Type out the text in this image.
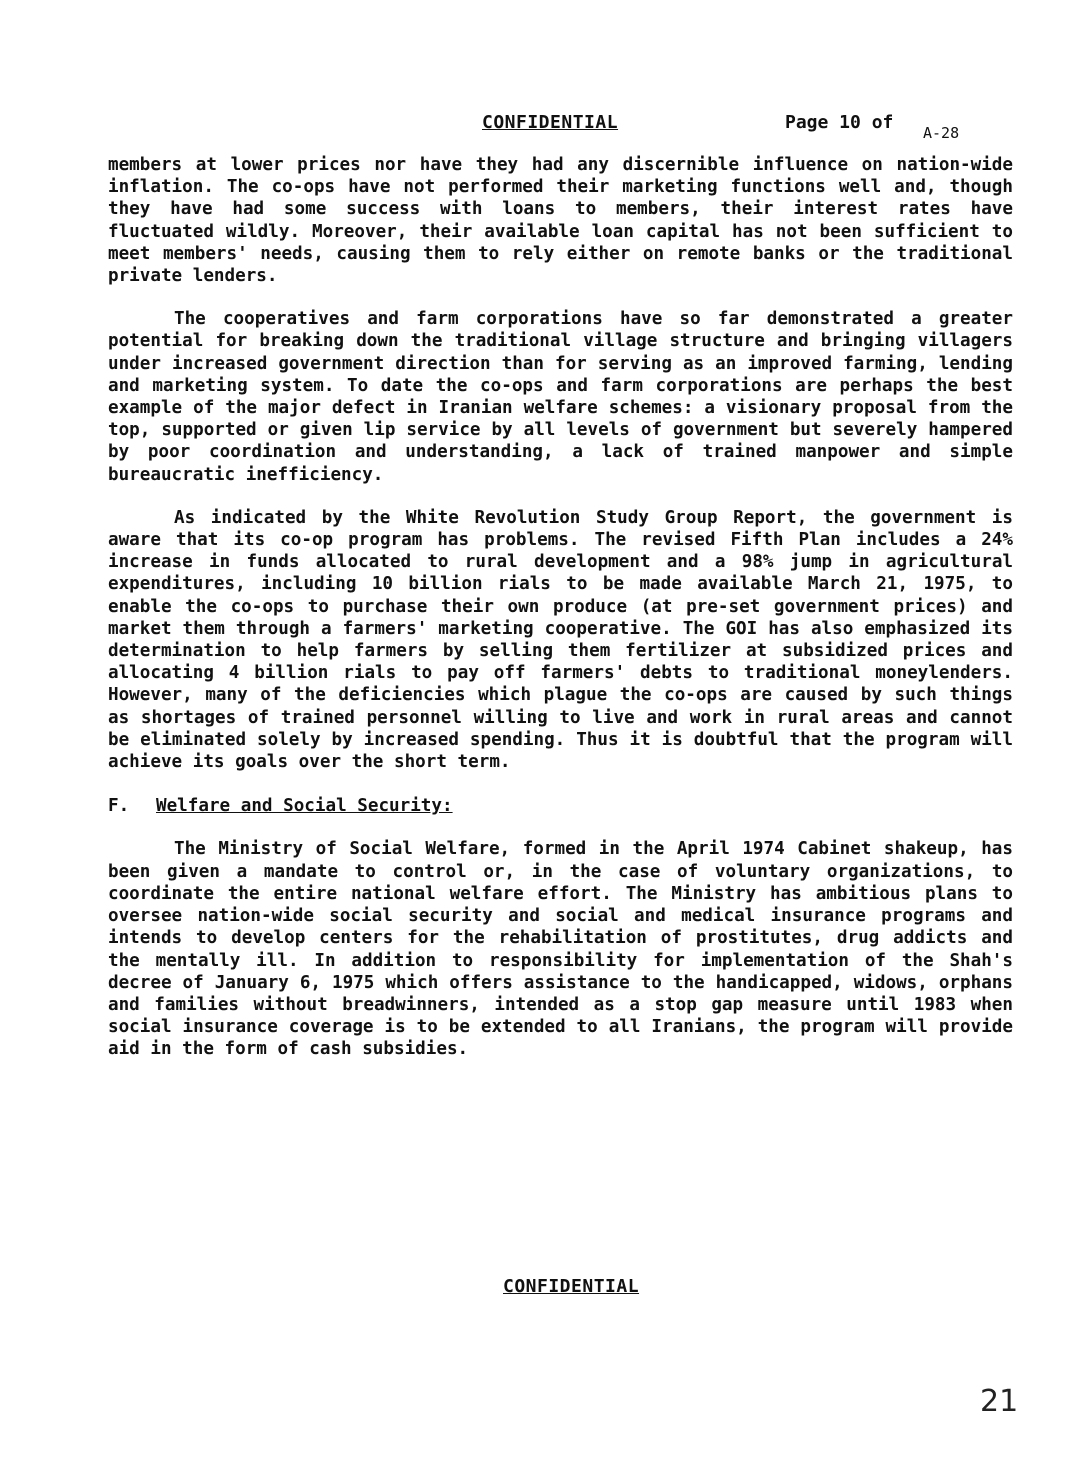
CONFIDENTIAL	Page 10 of A-28

members at lower prices nor have they had any discernible influence on nation-wide inflation. The co-ops have not performed their marketing functions well and, though they have had some success with loans to members, their interest rates have fluctuated wildly. Moreover, their available loan capital has not been sufficient to meet members' needs, causing them to rely either on remote banks or the traditional private lenders.

The cooperatives and farm corporations have so far demonstrated a greater potential for breaking down the traditional village structure and bringing villagers under increased government direction than for serving as an improved farming, lending and marketing system. To date the co-ops and farm corporations are perhaps the best example of the major defect in Iranian welfare schemes: a visionary proposal from the top, supported or given lip service by all levels of government but severely hampered by poor coordination and understanding, a lack of trained manpower and simple bureaucratic inefficiency.

As indicated by the White Revolution Study Group Report, the government is aware that its co-op program has problems. The revised Fifth Plan includes a 24% increase in funds allocated to rural development and a 98% jump in agricultural expenditures, including 10 billion rials to be made available March 21, 1975, to enable the co-ops to purchase their own produce (at pre-set government prices) and market them through a farmers' marketing cooperative. The GOI has also emphasized its determination to help farmers by selling them fertilizer at subsidized prices and allocating 4 billion rials to pay off farmers' debts to traditional moneylenders. However, many of the deficiencies which plague the co-ops are caused by such things as shortages of trained personnel willing to live and work in rural areas and cannot be eliminated solely by increased spending. Thus it is doubtful that the program will achieve its goals over the short term.

F. Welfare and Social Security:

The Ministry of Social Welfare, formed in the April 1974 Cabinet shakeup, has been given a mandate to control or, in the case of voluntary organizations, to coordinate the entire national welfare effort. The Ministry has ambitious plans to oversee nation-wide social security and social and medical insurance programs and intends to develop centers for the rehabilitation of prostitutes, drug addicts and the mentally ill. In addition to responsibility for implementation of the Shah's decree of January 6, 1975 which offers assistance to the handicapped, widows, orphans and families without breadwinners, intended as a stop gap measure until 1983 when social insurance coverage is to be extended to all Iranians, the program will provide aid in the form of cash subsidies.

CONFIDENTIAL
21
